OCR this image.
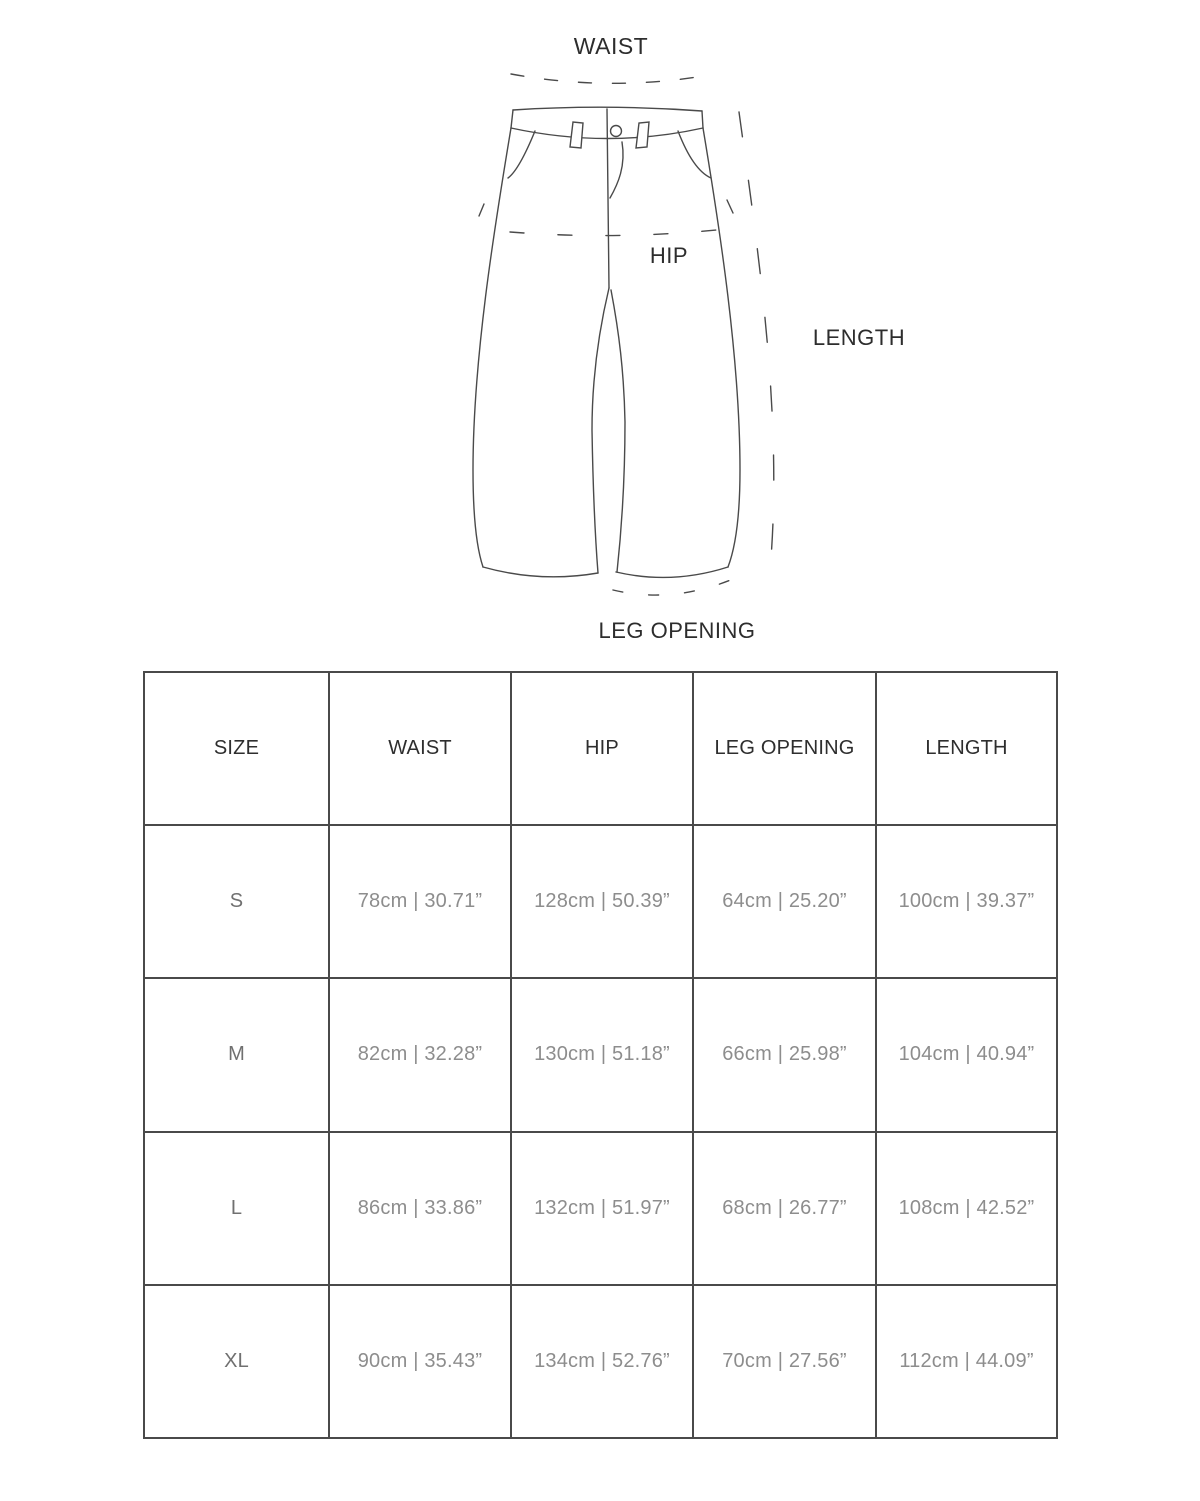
WAIST
HIP
LENGTH
LEG OPENING
SIZE	WAIST	HIP	LEG OPENING	LENGTH
S	78cm | 30.71”	128cm | 50.39”	64cm | 25.20”	100cm | 39.37”
M	82cm | 32.28”	130cm | 51.18”	66cm | 25.98”	104cm | 40.94”
L	86cm | 33.86”	132cm | 51.97”	68cm | 26.77”	108cm | 42.52”
XL	90cm | 35.43”	134cm | 52.76”	70cm | 27.56”	112cm | 44.09”
